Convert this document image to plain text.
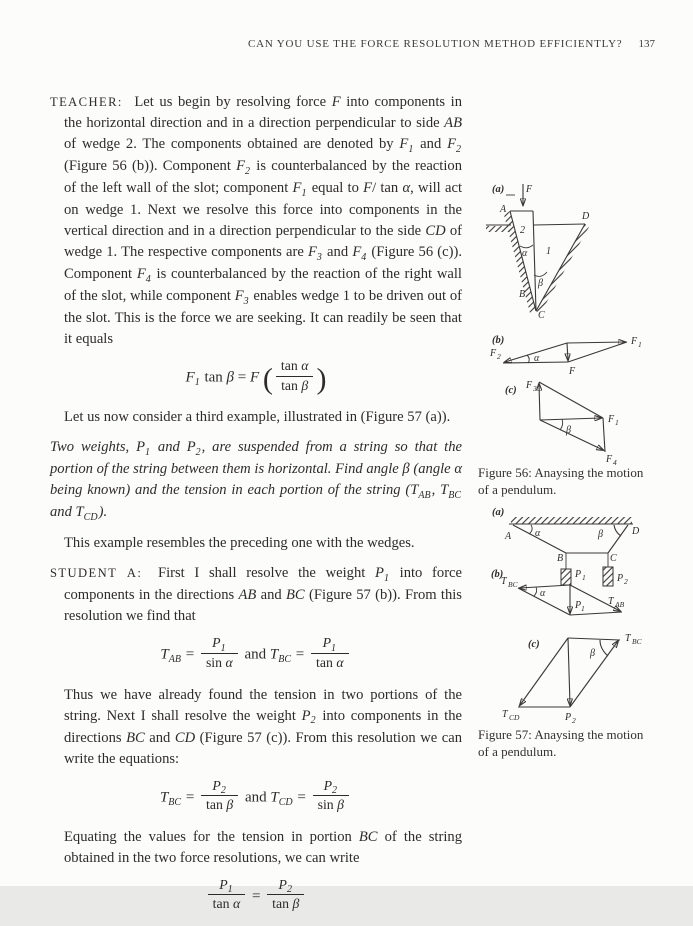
CAN YOU USE THE FORCE RESOLUTION METHOD EFFICIENTLY? 137

TEACHER: Let us begin by resolving force F into components in the horizontal direction and in a direction perpendicular to side AB of wedge 2. The components obtained are denoted by $F_1$ and $F_2$ (Figure 56 (b)). Component $F_2$ is counterbalanced by the reaction of the left wall of the slot; component $F_1$ equal to F/ tan α, will act on wedge 1. Next we resolve this force into components in the vertical direction and in a direction perpendicular to the side CD of wedge 1. The respective components are $F_3$ and $F_4$ (Figure 56 (c)). Component $F_4$ is counterbalanced by the reaction of the right wall of the slot, while component $F_3$ enables wedge 1 to be driven out of the slot. This is the force we are seeking. It can readily be seen that it equals

$F_1$ tan β = F ( $\frac{\text{tan α}}{\text{tan β}}$ )

Let us now consider a third example, illustrated in (Figure 57 (a)).

Two weights, $P_1$ and $P_2$, are suspended from a string so that the portion of the string between them is horizontal. Find angle β (angle α being known) and the tension in each portion of the string ($T_{AB}$, $T_{BC}$ and $T_{CD}$).

This example resembles the preceding one with the wedges.

STUDENT A: First I shall resolve the weight $P_1$ into force components in the directions AB and BC (Figure 57 (b)). From this resolution we find that

$T_{AB} = \frac{P_1}{\text{sin α}}$ and $T_{BC} = \frac{P_1}{\text{tan α}}$

Thus we have already found the tension in two portions of the string. Next I shall resolve the weight $P_2$ into components in the directions BC and CD (Figure 57 (c)). From this resolution we can write the equations:

$T_{BC} = \frac{P_2}{\text{tan β}}$ and $T_{CD} = \frac{P_2}{\text{sin β}}$

Equating the values for the tension in portion BC of the string obtained in the two force resolutions, we can write

$\frac{P_1}{\text{tan α}} = \frac{P_2}{\text{tan β}}$
(a) F
A
2
D
1
α
β
B
C
(b)
α
F 2
F 1
F
(c)
β
F 3
F 1
F 4
Figure 56: Anaysing the motion of a pendulum.
(a)
A α
B	C
D
β
P 1	P 2
(b)
α
T BC
P 1
T AB
(c)
β
T BC
T CD	P 2
Figure 57: Anaysing the motion of a pendulum.
